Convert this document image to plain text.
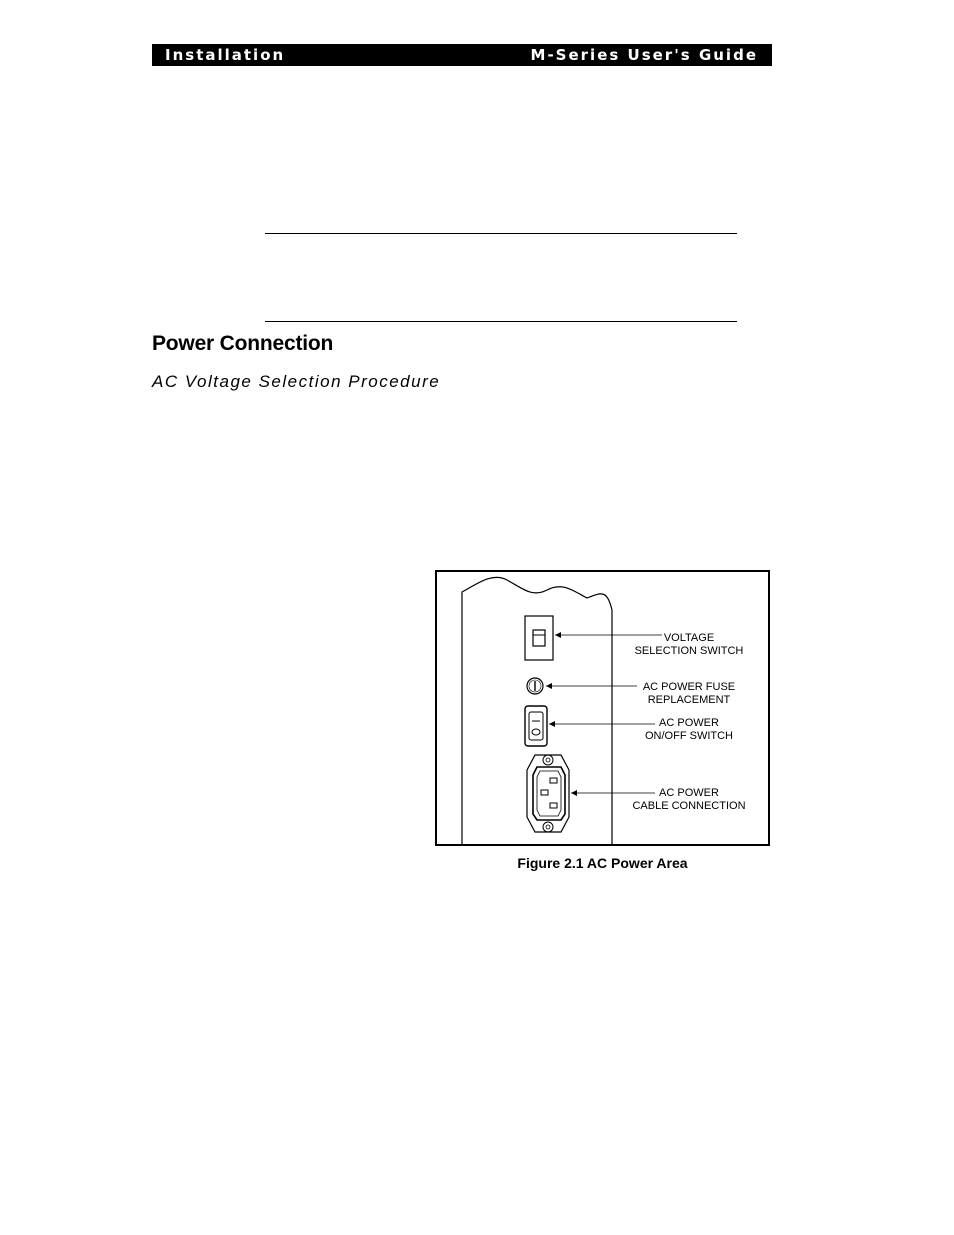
Installation	M-Series User's Guide
Power Connection
AC Voltage Selection Procedure
VOLTAGE
SELECTION SWITCH
AC POWER FUSE
REPLACEMENT
AC POWER
ON/OFF SWITCH
AC POWER
CABLE CONNECTION
Figure 2.1 AC Power Area
